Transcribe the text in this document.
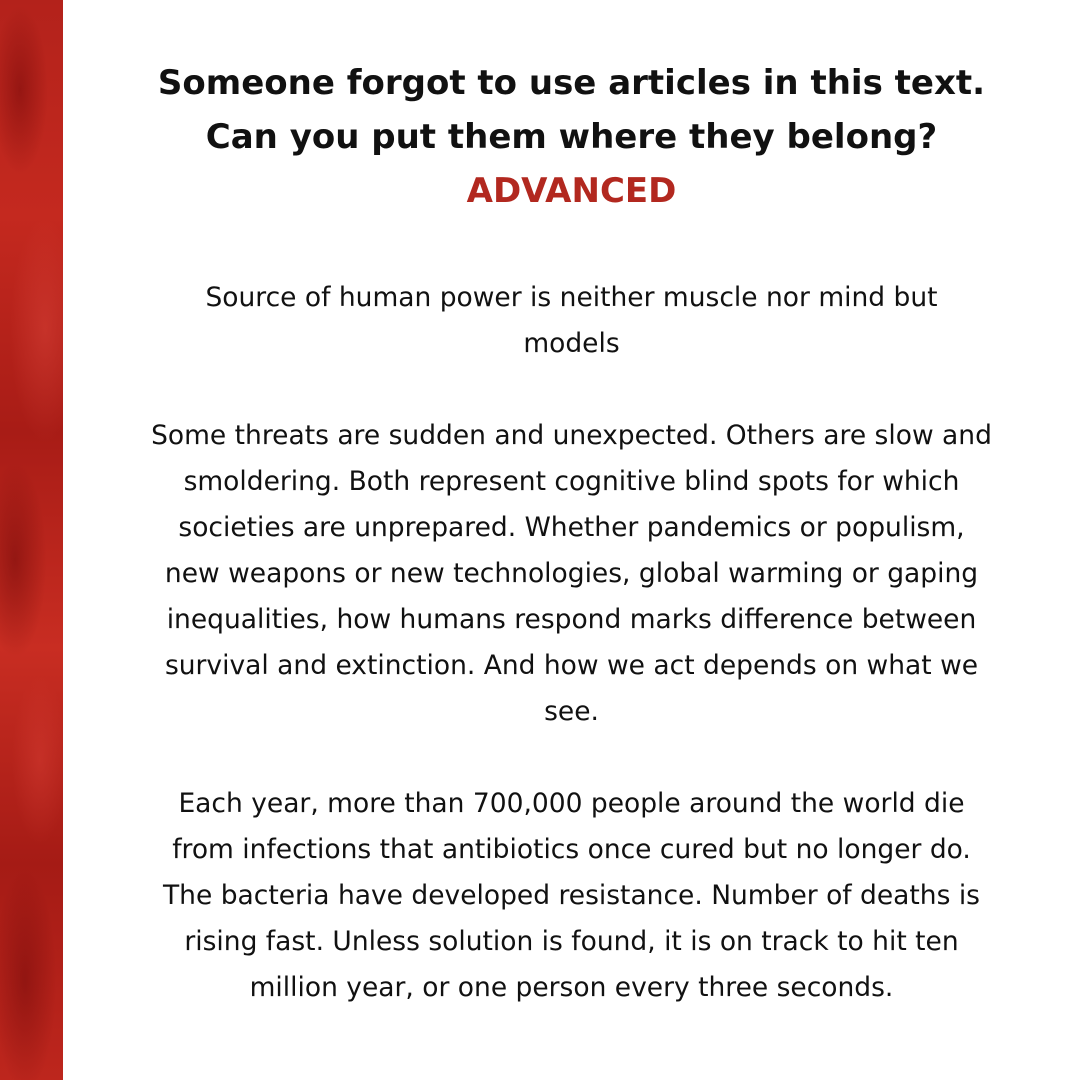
Someone forgot to use articles in this text.
Can you put them where they belong?
ADVANCED

Source of human power is neither muscle nor mind but
models

Some threats are sudden and unexpected. Others are slow and
smoldering. Both represent cognitive blind spots for which
societies are unprepared. Whether pandemics or populism,
new weapons or new technologies, global warming or gaping
inequalities, how humans respond marks difference between
survival and extinction. And how we act depends on what we
see.

Each year, more than 700,000 people around the world die
from infections that antibiotics once cured but no longer do.
The bacteria have developed resistance. Number of deaths is
rising fast. Unless solution is found, it is on track to hit ten
million year, or one person every three seconds.
